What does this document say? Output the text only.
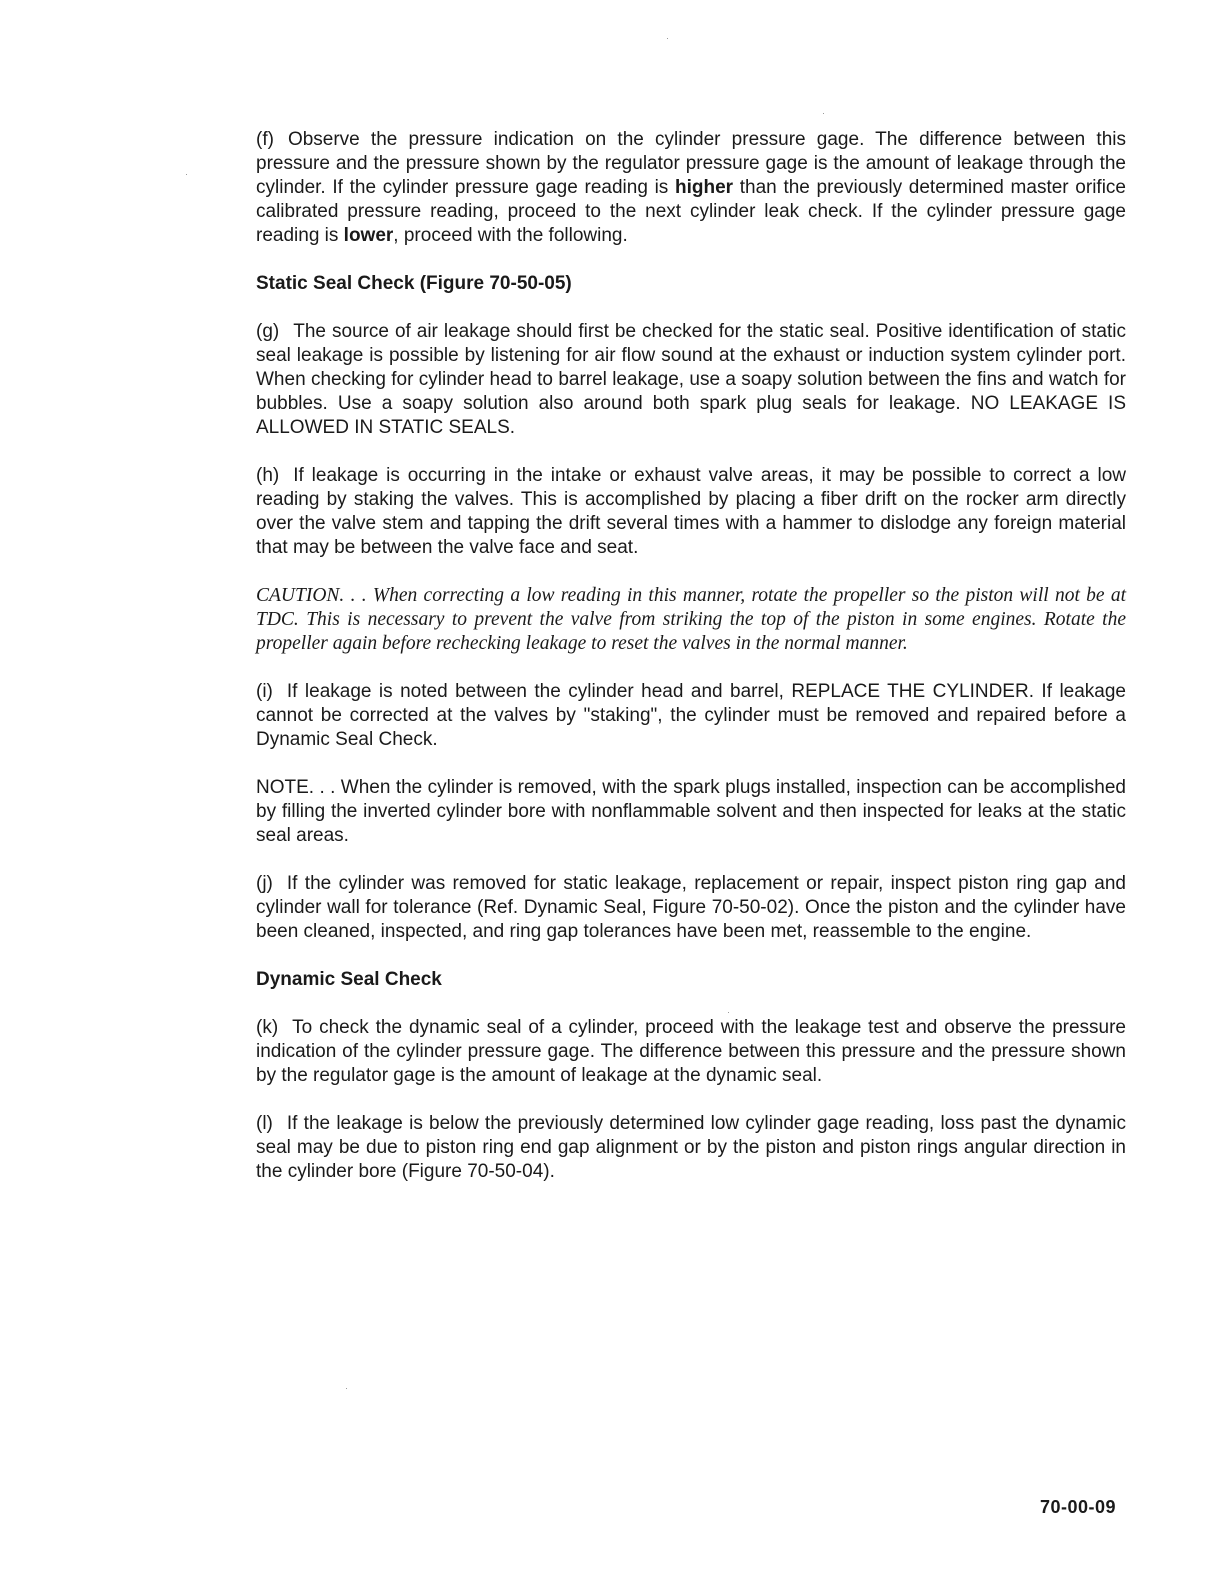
(f) Observe the pressure indication on the cylinder pressure gage. The difference between this pressure and the pressure shown by the regulator pressure gage is the amount of leakage through the cylinder. If the cylinder pressure gage reading is higher than the previously determined master orifice calibrated pressure reading, proceed to the next cylinder leak check. If the cylinder pressure gage reading is lower, proceed with the following.

Static Seal Check (Figure 70-50-05)

(g) The source of air leakage should first be checked for the static seal. Positive identification of static seal leakage is possible by listening for air flow sound at the exhaust or induction system cylinder port. When checking for cylinder head to barrel leakage, use a soapy solution between the fins and watch for bubbles. Use a soapy solution also around both spark plug seals for leakage. NO LEAKAGE IS ALLOWED IN STATIC SEALS.

(h) If leakage is occurring in the intake or exhaust valve areas, it may be possible to correct a low reading by staking the valves. This is accomplished by placing a fiber drift on the rocker arm directly over the valve stem and tapping the drift several times with a hammer to dislodge any foreign material that may be between the valve face and seat.

CAUTION. . . When correcting a low reading in this manner, rotate the propeller so the piston will not be at TDC. This is necessary to prevent the valve from striking the top of the piston in some engines. Rotate the propeller again before rechecking leakage to reset the valves in the normal manner.

(i) If leakage is noted between the cylinder head and barrel, REPLACE THE CYLINDER. If leakage cannot be corrected at the valves by "staking", the cylinder must be removed and repaired before a Dynamic Seal Check.

NOTE. . . When the cylinder is removed, with the spark plugs installed, inspection can be accomplished by filling the inverted cylinder bore with nonflammable solvent and then inspected for leaks at the static seal areas.

(j) If the cylinder was removed for static leakage, replacement or repair, inspect piston ring gap and cylinder wall for tolerance (Ref. Dynamic Seal, Figure 70-50-02). Once the piston and the cylinder have been cleaned, inspected, and ring gap tolerances have been met, reassemble to the engine.

Dynamic Seal Check

(k) To check the dynamic seal of a cylinder, proceed with the leakage test and observe the pressure indication of the cylinder pressure gage. The difference between this pressure and the pressure shown by the regulator gage is the amount of leakage at the dynamic seal.

(l) If the leakage is below the previously determined low cylinder gage reading, loss past the dynamic seal may be due to piston ring end gap alignment or by the piston and piston rings angular direction in the cylinder bore (Figure 70-50-04).

70-00-09
